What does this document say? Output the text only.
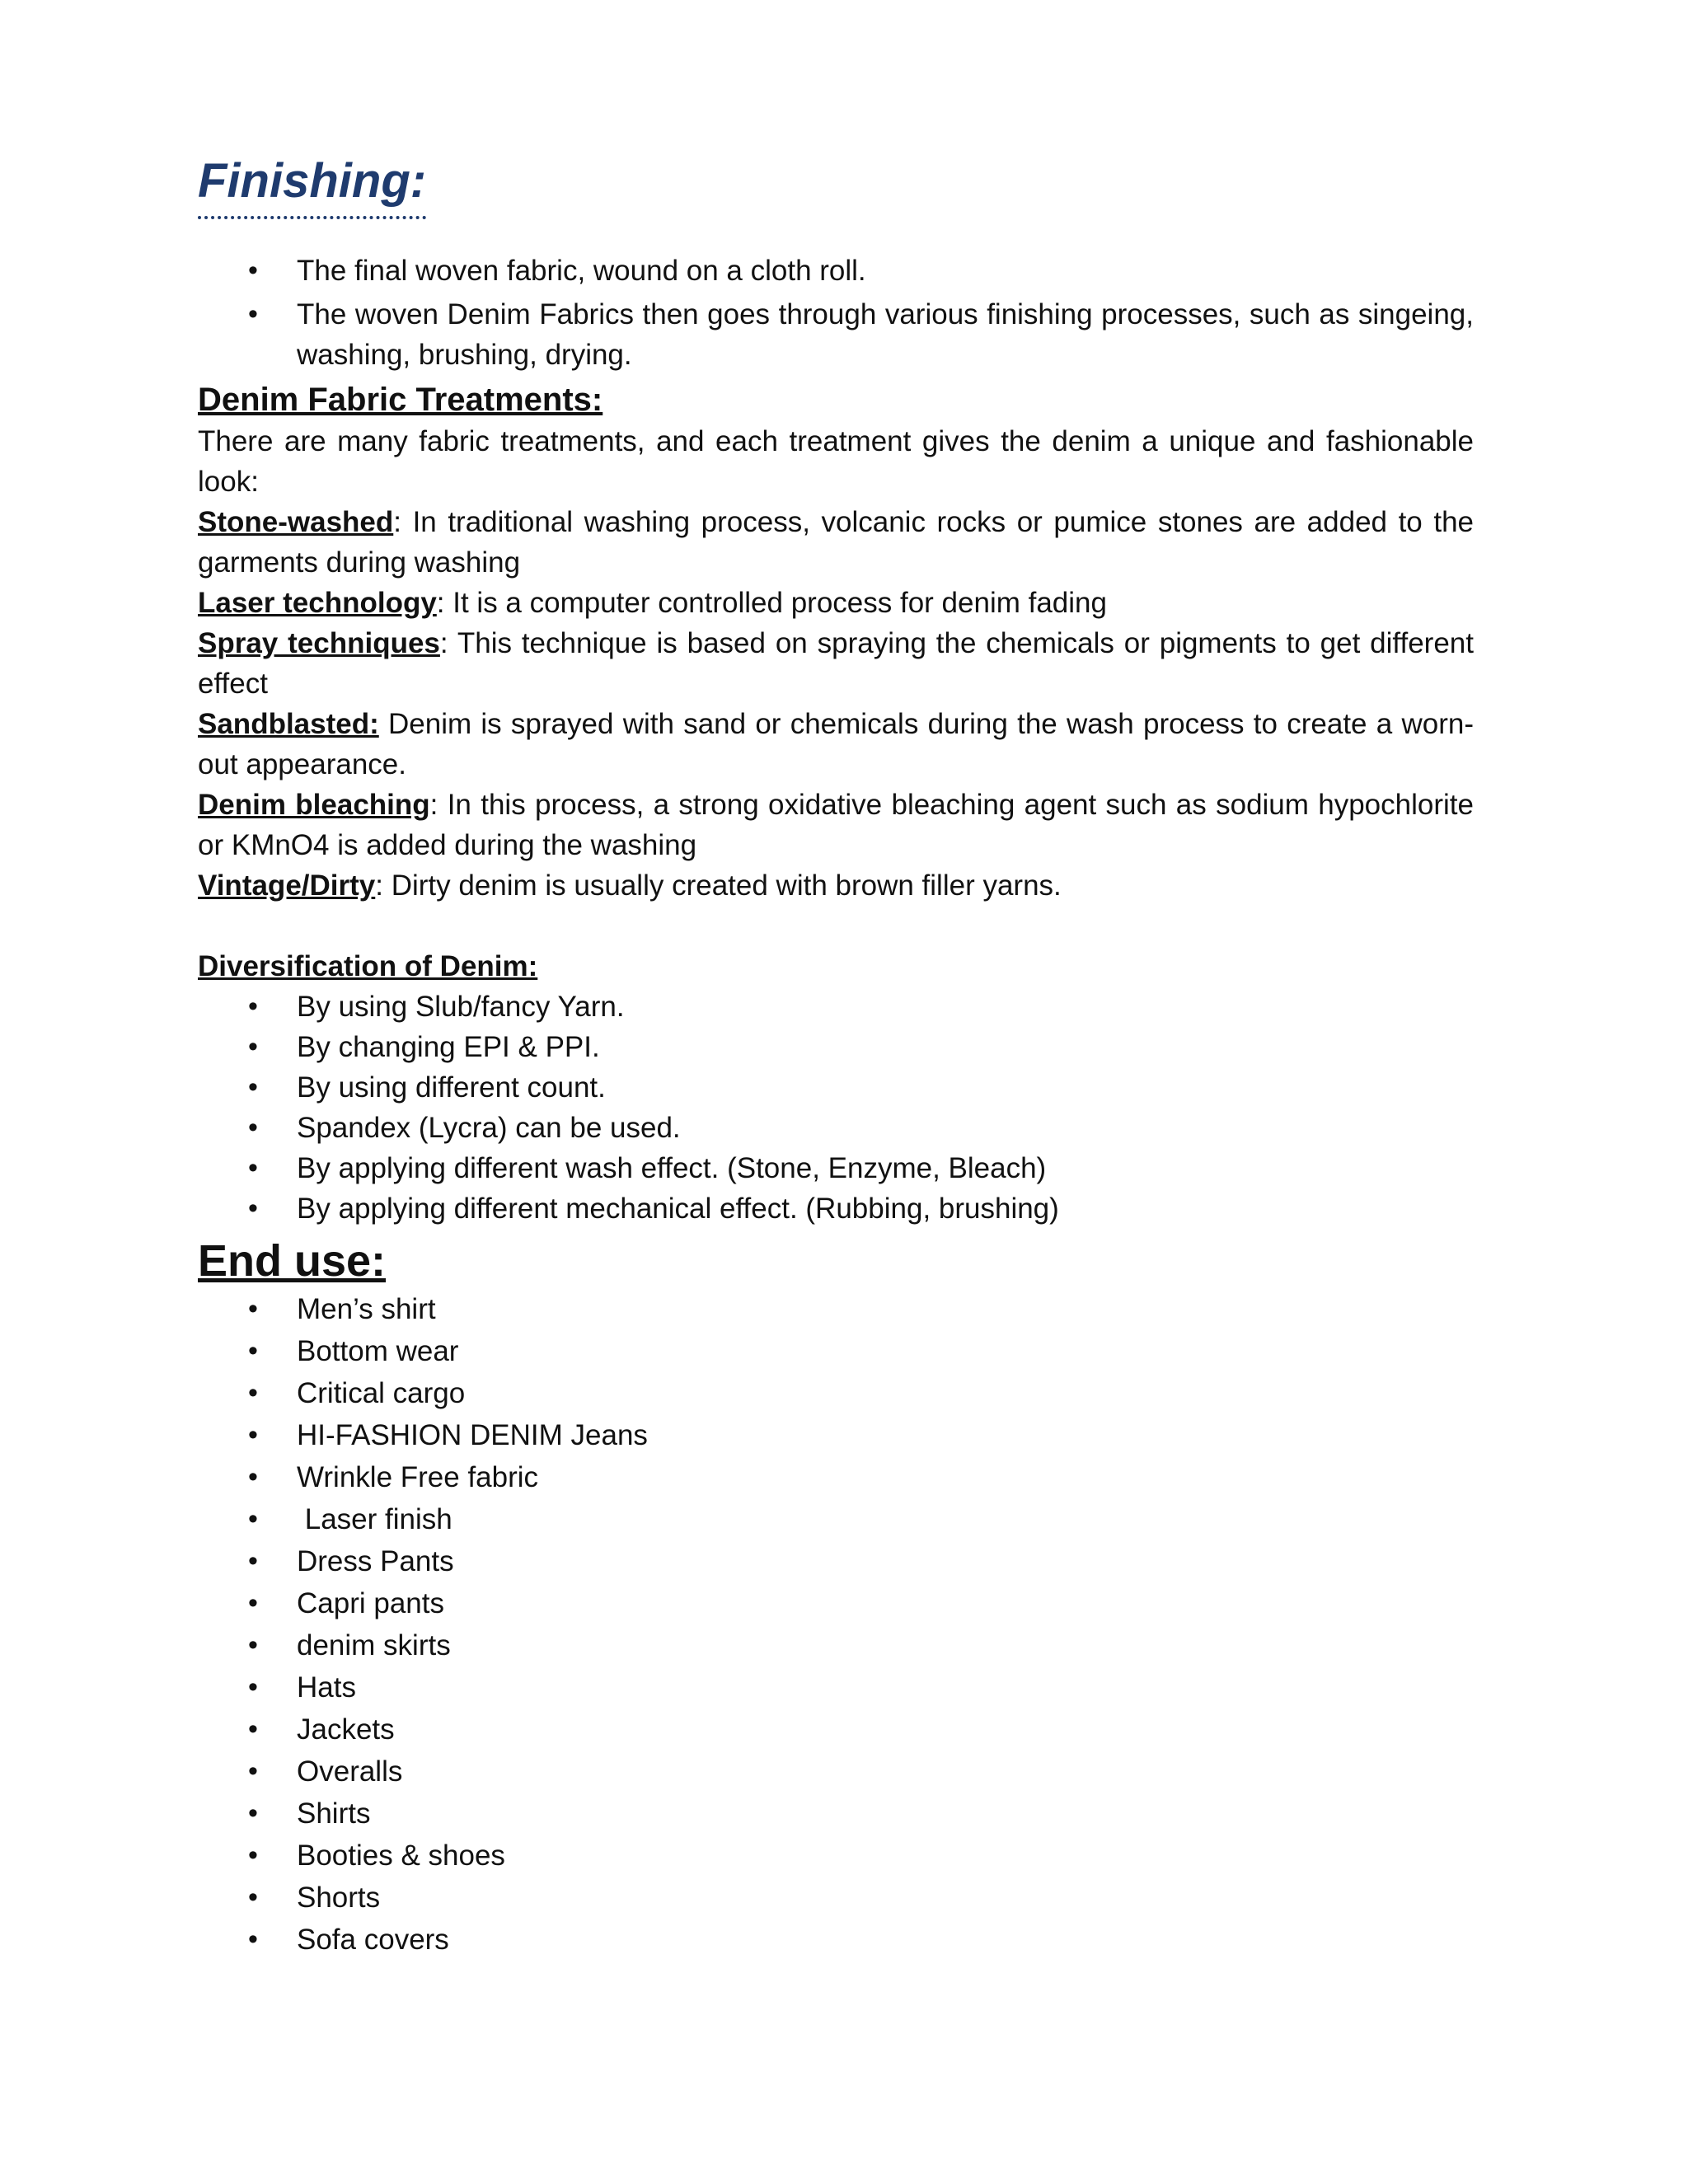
Finishing:
• The final woven fabric, wound on a cloth roll.
• The woven Denim Fabrics then goes through various finishing processes, such as singeing, washing, brushing, drying.
Denim Fabric Treatments:

There are many fabric treatments, and each treatment gives the denim a unique and fashionable look:

Stone-washed: In traditional washing process, volcanic rocks or pumice stones are added to the garments during washing

Laser technology: It is a computer controlled process for denim fading

Spray techniques: This technique is based on spraying the chemicals or pigments to get different effect

Sandblasted: Denim is sprayed with sand or chemicals during the wash process to create a worn-out appearance.

Denim bleaching: In this process, a strong oxidative bleaching agent such as sodium hypochlorite or KMnO4 is added during the washing

Vintage/Dirty: Dirty denim is usually created with brown filler yarns.

Diversification of Denim:
• By using Slub/fancy Yarn.
• By changing EPI & PPI.
• By using different count.
• Spandex (Lycra) can be used.
• By applying different wash effect. (Stone, Enzyme, Bleach)
• By applying different mechanical effect. (Rubbing, brushing)
End use:
• Men’s shirt
• Bottom wear
• Critical cargo
• HI-FASHION DENIM Jeans
• Wrinkle Free fabric
• Laser finish
• Dress Pants
• Capri pants
• denim skirts
• Hats
• Jackets
• Overalls
• Shirts
• Booties & shoes
• Shorts
• Sofa covers
